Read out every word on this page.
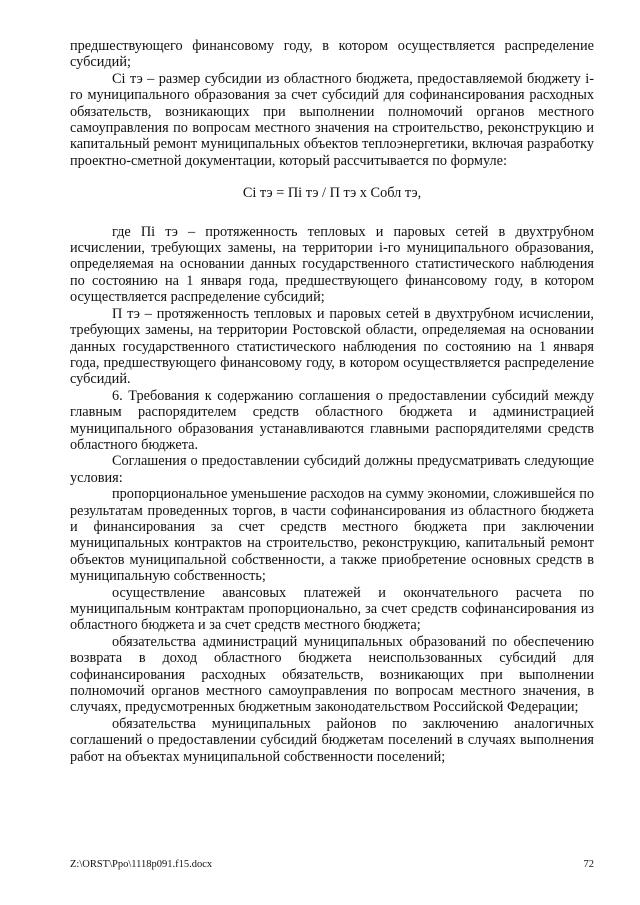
предшествующего финансовому году, в котором осуществляется распределение субсидий;

Сi тэ – размер субсидии из областного бюджета, предоставляемой бюджету i-го муниципального образования за счет субсидий для софинансирования расходных обязательств, возникающих при выполнении полномочий органов местного самоуправления по вопросам местного значения на строительство, реконструкцию и капитальный ремонт муниципальных объектов теплоэнергетики, включая разработку проектно-сметной документации, который рассчитывается по формуле:

Сi тэ = Пi тэ / П тэ х Собл тэ,

где Пi тэ – протяженность тепловых и паровых сетей в двухтрубном исчислении, требующих замены, на территории i-го муниципального образования, определяемая на основании данных государственного статистического наблюдения по состоянию на 1 января года, предшествующего финансовому году, в котором осуществляется распределение субсидий;

П тэ – протяженность тепловых и паровых сетей в двухтрубном исчислении, требующих замены, на территории Ростовской области, определяемая на основании данных государственного статистического наблюдения по состоянию на 1 января года, предшествующего финансовому году, в котором осуществляется распределение субсидий.

6. Требования к содержанию соглашения о предоставлении субсидий между главным распорядителем средств областного бюджета и администрацией муниципального образования устанавливаются главными распорядителями средств областного бюджета.

Соглашения о предоставлении субсидий должны предусматривать следующие условия:

пропорциональное уменьшение расходов на сумму экономии, сложившейся по результатам проведенных торгов, в части софинансирования из областного бюджета и финансирования за счет средств местного бюджета при заключении муниципальных контрактов на строительство, реконструкцию, капитальный ремонт объектов муниципальной собственности, а также приобретение основных средств в муниципальную собственность;

осуществление авансовых платежей и окончательного расчета по муниципальным контрактам пропорционально, за счет средств софинансирования из областного бюджета и за счет средств местного бюджета;

обязательства администраций муниципальных образований по обеспечению возврата в доход областного бюджета неиспользованных субсидий для софинансирования расходных обязательств, возникающих при выполнении полномочий органов местного самоуправления по вопросам местного значения, в случаях, предусмотренных бюджетным законодательством Российской Федерации;

обязательства муниципальных районов по заключению аналогичных соглашений о предоставлении субсидий бюджетам поселений в случаях выполнения работ на объектах муниципальной собственности поселений;

Z:\ORST\Ppo\1118p091.f15.docx	72
